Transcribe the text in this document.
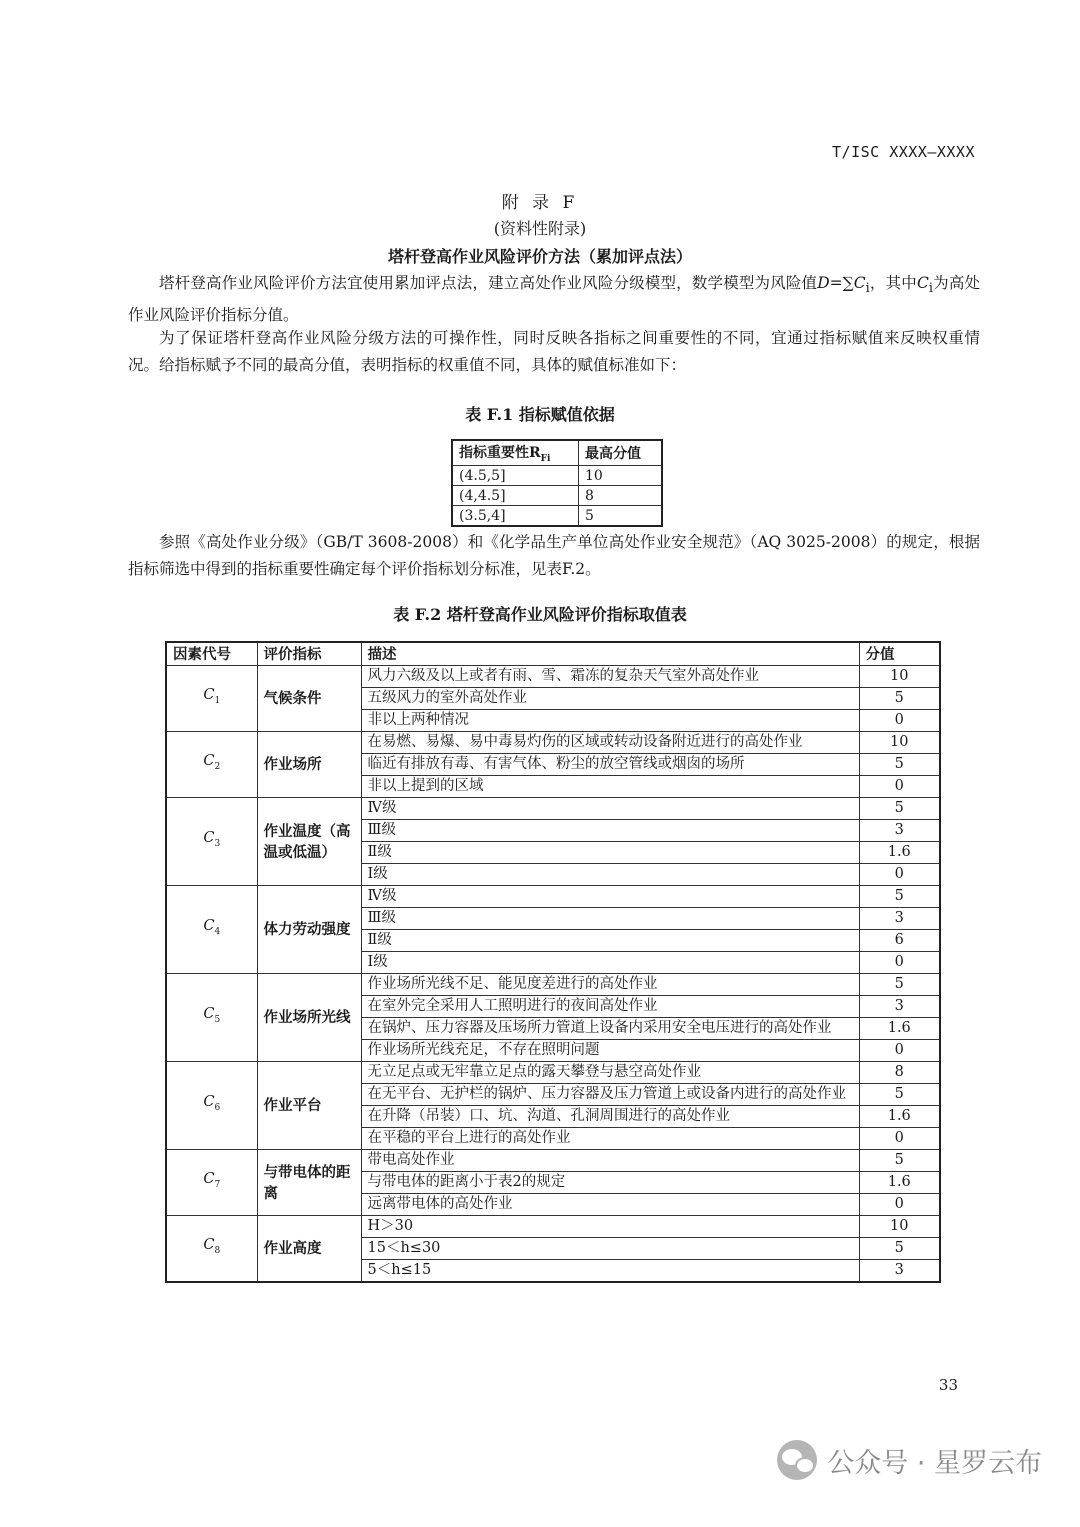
T/ISC XXXX—XXXX
附 录 F
(资料性附录)
塔杆登高作业风险评价方法（累加评点法）
塔杆登高作业风险评价方法宜使用累加评点法，建立高处作业风险分级模型，数学模型为风险值$D=\sum C_i$，其中$C_i$为高处作业风险评价指标分值。
为了保证塔杆登高作业风险分级方法的可操作性，同时反映各指标之间重要性的不同，宜通过指标赋值来反映权重情况。给指标赋予不同的最高分值，表明指标的权重值不同，具体的赋值标准如下：
表 F.1 指标赋值依据
指标重要性$R_{Fi}$	最高分值
(4.5,5]	10
(4,4.5]	8
(3.5,4]	5
参照《高处作业分级》（GB/T 3608-2008）和《化学品生产单位高处作业安全规范》（AQ 3025-2008）的规定，根据指标筛选中得到的指标重要性确定每个评价指标划分标准，见表F.2。
表 F.2 塔杆登高作业风险评价指标取值表
因素代号	评价指标	描述	分值
$C_1$	气候条件	风力六级及以上或者有雨、雪、霜冻的复杂天气室外高处作业	10
		五级风力的室外高处作业	5
		非以上两种情况	0
$C_2$	作业场所	在易燃、易爆、易中毒易灼伤的区域或转动设备附近进行的高处作业	10
		临近有排放有毒、有害气体、粉尘的放空管线或烟囱的场所	5
		非以上提到的区域	0
$C_3$	作业温度（高温或低温）	Ⅳ级	5
		Ⅲ级	3
		Ⅱ级	1.6
		Ⅰ级	0
$C_4$	体力劳动强度	Ⅳ级	5
		Ⅲ级	3
		Ⅱ级	6
		Ⅰ级	0
$C_5$	作业场所光线	作业场所光线不足、能见度差进行的高处作业	5
		在室外完全采用人工照明进行的夜间高处作业	3
		在锅炉、压力容器及压场所力管道上设备内采用安全电压进行的高处作业	1.6
		作业场所光线充足，不存在照明问题	0
$C_6$	作业平台	无立足点或无牢靠立足点的露天攀登与悬空高处作业	8
		在无平台、无护栏的锅炉、压力容器及压力管道上或设备内进行的高处作业	5
		在升降（吊装）口、坑、沟道、孔洞周围进行的高处作业	1.6
		在平稳的平台上进行的高处作业	0
$C_7$	与带电体的距离	带电高处作业	5
		与带电体的距离小于表2的规定	1.6
		远离带电体的高处作业	0
$C_8$	作业高度	H＞30	10
		15＜h≤30	5
		5＜h≤15	3
33
公众号 · 星罗云布
